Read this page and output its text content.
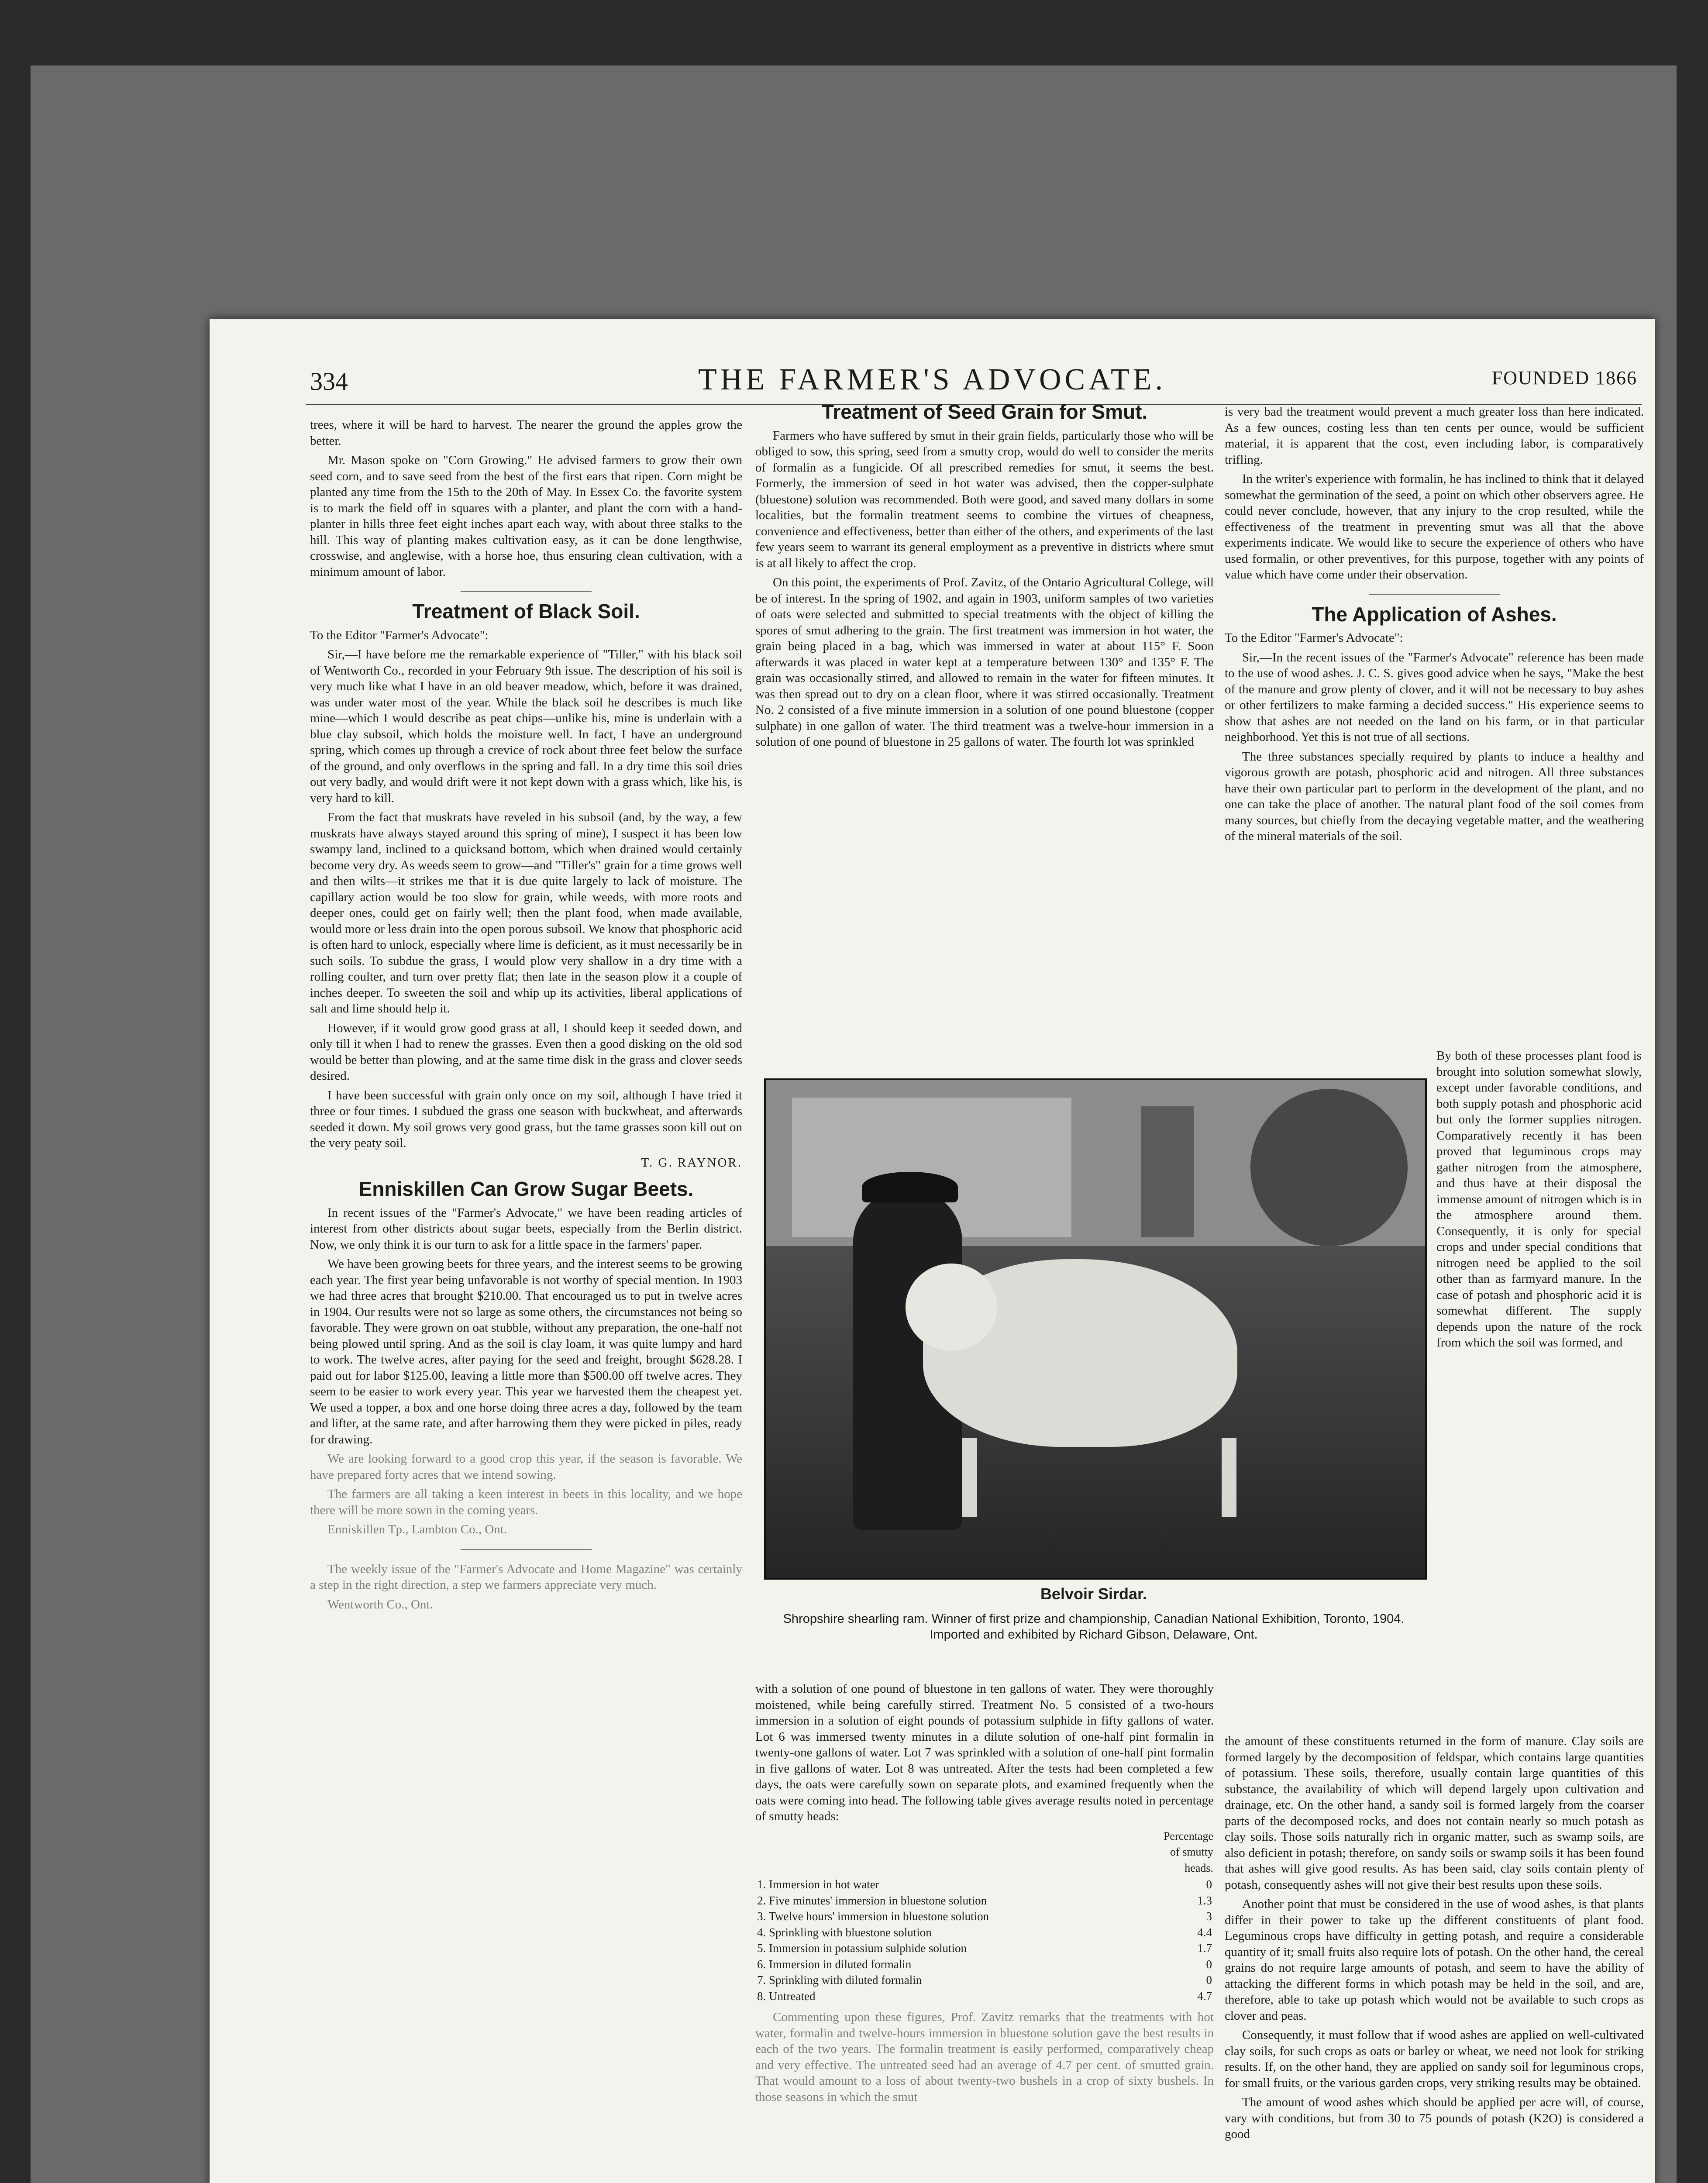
334	THE FARMER'S ADVOCATE.	FOUNDED 1866

trees, where it will be hard to harvest. The nearer the ground the apples grow the better.

Mr. Mason spoke on "Corn Growing." He advised farmers to grow their own seed corn, and to save seed from the best of the first ears that ripen. Corn might be planted any time from the 15th to the 20th of May. In Essex Co. the favorite system is to mark the field off in squares with a planter, and plant the corn with a hand-planter in hills three feet eight inches apart each way, with about three stalks to the hill. This way of planting makes cultivation easy, as it can be done lengthwise, crosswise, and anglewise, with a horse hoe, thus ensuring clean cultivation, with a minimum amount of labor.

Treatment of Black Soil.

To the Editor "Farmer's Advocate":

Sir,—I have before me the remarkable experience of "Tiller," with his black soil of Wentworth Co., recorded in your February 9th issue. The description of his soil is very much like what I have in an old beaver meadow, which, before it was drained, was under water most of the year. While the black soil he describes is much like mine—which I would describe as peat chips—unlike his, mine is underlain with a blue clay subsoil, which holds the moisture well. In fact, I have an underground spring, which comes up through a crevice of rock about three feet below the surface of the ground, and only overflows in the spring and fall. In a dry time this soil dries out very badly, and would drift were it not kept down with a grass which, like his, is very hard to kill.

From the fact that muskrats have reveled in his subsoil (and, by the way, a few muskrats have always stayed around this spring of mine), I suspect it has been low swampy land, inclined to a quicksand bottom, which when drained would certainly become very dry. As weeds seem to grow—and "Tiller's" grain for a time grows well and then wilts—it strikes me that it is due quite largely to lack of moisture. The capillary action would be too slow for grain, while weeds, with more roots and deeper ones, could get on fairly well; then the plant food, when made available, would more or less drain into the open porous subsoil. We know that phosphoric acid is often hard to unlock, especially where lime is deficient, as it must necessarily be in such soils. To subdue the grass, I would plow very shallow in a dry time with a rolling coulter, and turn over pretty flat; then late in the season plow it a couple of inches deeper. To sweeten the soil and whip up its activities, liberal applications of salt and lime should help it.

However, if it would grow good grass at all, I should keep it seeded down, and only till it when I had to renew the grasses. Even then a good disking on the old sod would be better than plowing, and at the same time disk in the grass and clover seeds desired.

I have been successful with grain only once on my soil, although I have tried it three or four times. I subdued the grass one season with buckwheat, and afterwards seeded it down. My soil grows very good grass, but the tame grasses soon kill out on the very peaty soil.

T. G. RAYNOR.

Enniskillen Can Grow Sugar Beets.

In recent issues of the "Farmer's Advocate," we have been reading articles of interest from other districts about sugar beets, especially from the Berlin district. Now, we only think it is our turn to ask for a little space in the farmers' paper.

We have been growing beets for three years, and the interest seems to be growing each year. The first year being unfavorable is not worthy of special mention. In 1903 we had three acres that brought $210.00. That encouraged us to put in twelve acres in 1904. Our results were not so large as some others, the circumstances not being so favorable. They were grown on oat stubble, without any preparation, the one-half not being plowed until spring. And as the soil is clay loam, it was quite lumpy and hard to work. The twelve acres, after paying for the seed and freight, brought $628.28. I paid out for labor $125.00, leaving a little more than $500.00 off twelve acres. They seem to be easier to work every year. This year we harvested them the cheapest yet. We used a topper, a box and one horse doing three acres a day, followed by the team and lifter, at the same rate, and after harrowing them they were picked in piles, ready for drawing.

We are looking forward to a good crop this year, if the season is favorable. We have prepared forty acres that we intend sowing.

The farmers are all taking a keen interest in beets in this locality, and we hope there will be more sown in the coming years.

Enniskillen Tp., Lambton Co., Ont.

The weekly issue of the "Farmer's Advocate and Home Magazine" was certainly a step in the right direction, a step we farmers appreciate very much.

Wentworth Co., Ont.

Treatment of Seed Grain for Smut.

Farmers who have suffered by smut in their grain fields, particularly those who will be obliged to sow, this spring, seed from a smutty crop, would do well to consider the merits of formalin as a fungicide. Of all prescribed remedies for smut, it seems the best. Formerly, the immersion of seed in hot water was advised, then the copper-sulphate (bluestone) solution was recommended. Both were good, and saved many dollars in some localities, but the formalin treatment seems to combine the virtues of cheapness, convenience and effectiveness, better than either of the others, and experiments of the last few years seem to warrant its general employment as a preventive in districts where smut is at all likely to affect the crop.

On this point, the experiments of Prof. Zavitz, of the Ontario Agricultural College, will be of interest. In the spring of 1902, and again in 1903, uniform samples of two varieties of oats were selected and submitted to special treatments with the object of killing the spores of smut adhering to the grain. The first treatment was immersion in hot water, the grain being placed in a bag, which was immersed in water at about 115° F. Soon afterwards it was placed in water kept at a temperature between 130° and 135° F. The grain was occasionally stirred, and allowed to remain in the water for fifteen minutes. It was then spread out to dry on a clean floor, where it was stirred occasionally. Treatment No. 2 consisted of a five minute immersion in a solution of one pound bluestone (copper sulphate) in one gallon of water. The third treatment was a twelve-hour immersion in a solution of one pound of bluestone in 25 gallons of water. The fourth lot was sprinkled

is very bad the treatment would prevent a much greater loss than here indicated. As a few ounces, costing less than ten cents per ounce, would be sufficient material, it is apparent that the cost, even including labor, is comparatively trifling.

In the writer's experience with formalin, he has inclined to think that it delayed somewhat the germination of the seed, a point on which other observers agree. He could never conclude, however, that any injury to the crop resulted, while the effectiveness of the treatment in preventing smut was all that the above experiments indicate. We would like to secure the experience of others who have used formalin, or other preventives, for this purpose, together with any points of value which have come under their observation.

The Application of Ashes.

To the Editor "Farmer's Advocate":

Sir,—In the recent issues of the "Farmer's Advocate" reference has been made to the use of wood ashes. J. C. S. gives good advice when he says, "Make the best of the manure and grow plenty of clover, and it will not be necessary to buy ashes or other fertilizers to make farming a decided success." His experience seems to show that ashes are not needed on the land on his farm, or in that particular neighborhood. Yet this is not true of all sections.

The three substances specially required by plants to induce a healthy and vigorous growth are potash, phosphoric acid and nitrogen. All three substances have their own particular part to perform in the development of the plant, and no one can take the place of another. The natural plant food of the soil comes from many sources, but chiefly from the decaying vegetable matter, and the weathering of the mineral materials of the soil.

Belvoir Sirdar.
Shropshire shearling ram. Winner of first prize and championship, Canadian National Exhibition, Toronto, 1904. Imported and exhibited by Richard Gibson, Delaware, Ont.

By both of these processes plant food is brought into solution somewhat slowly, except under favorable conditions, and both supply potash and phosphoric acid but only the former supplies nitrogen. Comparatively recently it has been proved that leguminous crops may gather nitrogen from the atmosphere, and thus have at their disposal the immense amount of nitrogen which is in the atmosphere around them. Consequently, it is only for special crops and under special conditions that nitrogen need be applied to the soil other than as farmyard manure. In the case of potash and phosphoric acid it is somewhat different. The supply depends upon the nature of the rock from which the soil was formed, and

with a solution of one pound of bluestone in ten gallons of water. They were thoroughly moistened, while being carefully stirred. Treatment No. 5 consisted of a two-hours immersion in a solution of eight pounds of potassium sulphide in fifty gallons of water. Lot 6 was immersed twenty minutes in a dilute solution of one-half pint formalin in twenty-one gallons of water. Lot 7 was sprinkled with a solution of one-half pint formalin in five gallons of water. Lot 8 was untreated. After the tests had been completed a few days, the oats were carefully sown on separate plots, and examined frequently when the oats were coming into head. The following table gives average results noted in percentage of smutty heads:

	Percentage of smutty heads.
1. Immersion in hot water	0
2. Five minutes' immersion in bluestone solution	1.3
3. Twelve hours' immersion in bluestone solution	3
4. Sprinkling with bluestone solution	4.4
5. Immersion in potassium sulphide solution	1.7
6. Immersion in diluted formalin	0
7. Sprinkling with diluted formalin	0
8. Untreated	4.7

Commenting upon these figures, Prof. Zavitz remarks that the treatments with hot water, formalin and twelve-hours immersion in bluestone solution gave the best results in each of the two years. The formalin treatment is easily performed, comparatively cheap and very effective. The untreated seed had an average of 4.7 per cent. of smutted grain. That would amount to a loss of about twenty-two bushels in a crop of sixty bushels. In those seasons in which the smut

the amount of these constituents returned in the form of manure. Clay soils are formed largely by the decomposition of feldspar, which contains large quantities of potassium. These soils, therefore, usually contain large quantities of this substance, the availability of which will depend largely upon cultivation and drainage, etc. On the other hand, a sandy soil is formed largely from the coarser parts of the decomposed rocks, and does not contain nearly so much potash as clay soils. Those soils naturally rich in organic matter, such as swamp soils, are also deficient in potash; therefore, on sandy soils or swamp soils it has been found that ashes will give good results. As has been said, clay soils contain plenty of potash, consequently ashes will not give their best results upon these soils.

Another point that must be considered in the use of wood ashes, is that plants differ in their power to take up the different constituents of plant food. Leguminous crops have difficulty in getting potash, and require a considerable quantity of it; small fruits also require lots of potash. On the other hand, the cereal grains do not require large amounts of potash, and seem to have the ability of attacking the different forms in which potash may be held in the soil, and are, therefore, able to take up potash which would not be available to such crops as clover and peas.

Consequently, it must follow that if wood ashes are applied on well-cultivated clay soils, for such crops as oats or barley or wheat, we need not look for striking results. If, on the other hand, they are applied on sandy soil for leguminous crops, for small fruits, or the various garden crops, very striking results may be obtained.

The amount of wood ashes which should be applied per acre will, of course, vary with conditions, but from 30 to 75 pounds of potash (K2O) is considered a good
